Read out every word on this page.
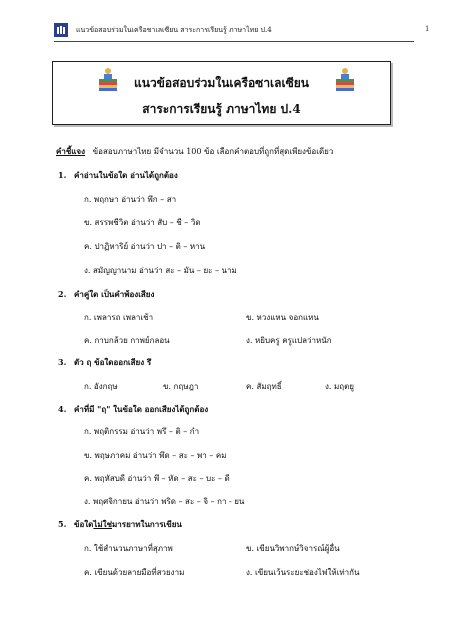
แนวข้อสอบร่วมในเครือชาเลเซียน สาระการเรียนรู้ ภาษาไทย ป.4	1
แนวข้อสอบร่วมในเครือซาเลเซียน
สาระการเรียนรู้ ภาษาไทย ป.4
คำชี้แจง ข้อสอบภาษาไทย มีจำนวน 100 ข้อ เลือกคำตอบที่ถูกที่สุดเพียงข้อเดียว
1. คำอ่านในข้อใด อ่านได้ถูกต้อง
ก. พฤกษา อ่านว่า พึก – สา
ข. สรรพชีวิต อ่านว่า สับ – ชี – วิด
ค. ปาฏิหาริย์ อ่านว่า ปา – ติ – หาน
ง. สมัญญานาม อ่านว่า สะ – มัน – ยะ – นาม
2. คำคู่ใด เป็นคำพ้องเสียง
ก. เพลารถ เพลาเช้า	ข. หวงแหน จอกแหน
ค. กาบกล้วย กาพย์กลอน	ง. หยิบครู ครูแปลว่าหนัก
3. ตัว ฤ ข้อใดออกเสียง รึ
ก. อังกฤษ	ข. กฤษฎา	ค. สัมฤทธิ์	ง. มฤตยู
4. คำที่มี "ฤ" ในข้อใด ออกเสียงได้ถูกต้อง
ก. พฤติกรรม อ่านว่า พรึ – ติ – กำ
ข. พฤษภาคม อ่านว่า พึด – สะ – พา – คม
ค. พฤหัสบดี อ่านว่า พึ – หัด – สะ – บะ – ดี
ง. พฤศจิกายน อ่านว่า พริด – สะ – จิ – กา - ยน
5. ข้อใดไม่ใช่มารยาทในการเขียน
ก. ใช้สำนวนภาษาที่สุภาพ	ข. เขียนวิพากษ์วิจารณ์ผู้อื่น
ค. เขียนด้วยลายมือที่สวยงาม	ง. เขียนเว้นระยะช่องไฟให้เท่ากัน
